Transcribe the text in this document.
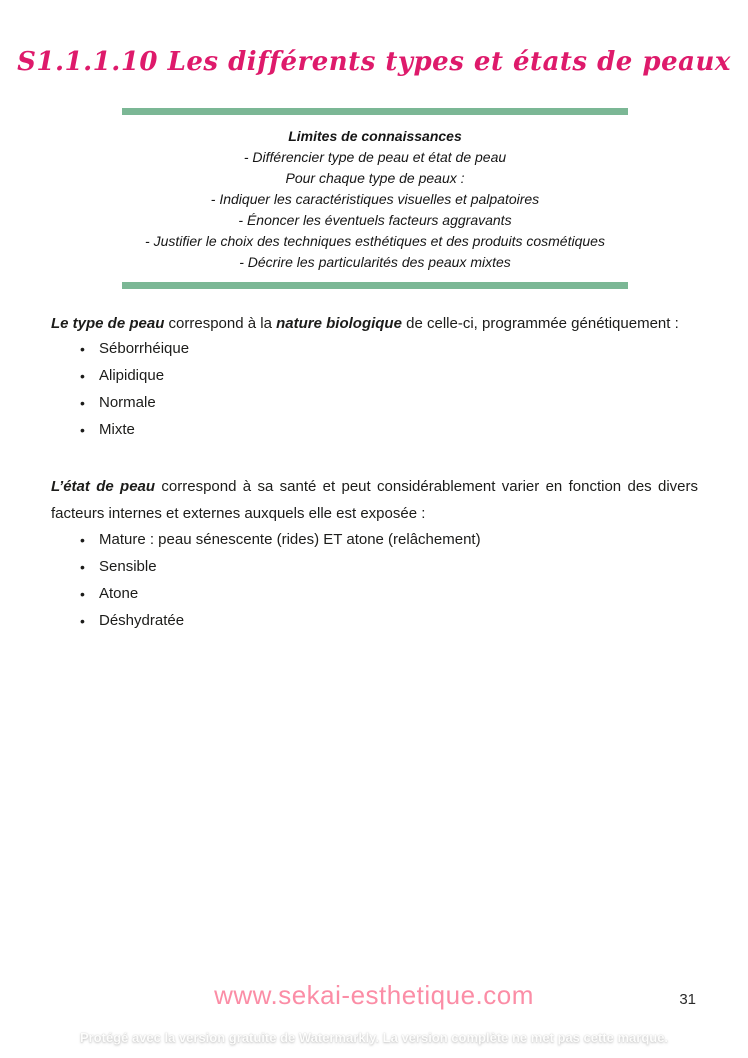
S1.1.1.10 Les différents types et états de peaux

Limites de connaissances

- Différencier type de peau et état de peau

Pour chaque type de peaux :

- Indiquer les caractéristiques visuelles et palpatoires

- Énoncer les éventuels facteurs aggravants

- Justifier le choix des techniques esthétiques et des produits cosmétiques

- Décrire les particularités des peaux mixtes

Le type de peau correspond à la nature biologique de celle-ci, programmée génétiquement :

• Séborrhéique
• Alipidique
• Normale
• Mixte

L’état de peau correspond à sa santé et peut considérablement varier en fonction des divers facteurs internes et externes auxquels elle est exposée :

• Mature : peau sénescente (rides) ET atone (relâchement)
• Sensible
• Atone
• Déshydratée
www.sekai-esthetique.com	31
Protégé avec la version gratuite de Watermarkly. La version complète ne met pas cette marque.
